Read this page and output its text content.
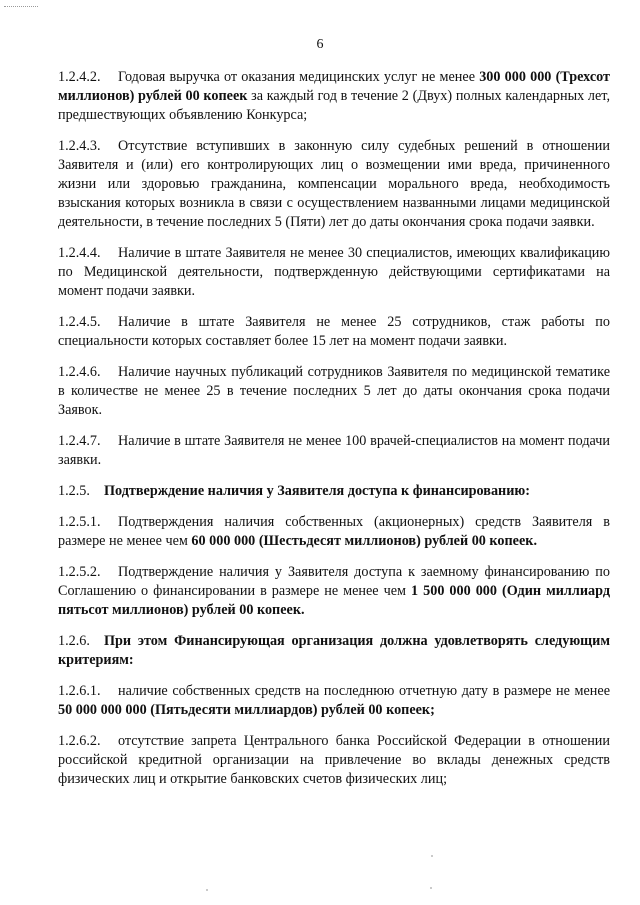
6

1.2.4.2. Годовая выручка от оказания медицинских услуг не менее 300 000 000 (Трехсот миллионов) рублей 00 копеек за каждый год в течение 2 (Двух) полных календарных лет, предшествующих объявлению Конкурса;

1.2.4.3. Отсутствие вступивших в законную силу судебных решений в отношении Заявителя и (или) его контролирующих лиц о возмещении ими вреда, причиненного жизни или здоровью гражданина, компенсации морального вреда, необходимость взыскания которых возникла в связи с осуществлением названными лицами медицинской деятельности, в течение последних 5 (Пяти) лет до даты окончания срока подачи заявки.

1.2.4.4. Наличие в штате Заявителя не менее 30 специалистов, имеющих квалификацию по Медицинской деятельности, подтвержденную действующими сертификатами на момент подачи заявки.

1.2.4.5. Наличие в штате Заявителя не менее 25 сотрудников, стаж работы по специальности которых составляет более 15 лет на момент подачи заявки.

1.2.4.6. Наличие научных публикаций сотрудников Заявителя по медицинской тематике в количестве не менее 25 в течение последних 5 лет до даты окончания срока подачи Заявок.

1.2.4.7. Наличие в штате Заявителя не менее 100 врачей-специалистов на момент подачи заявки.

1.2.5. Подтверждение наличия у Заявителя доступа к финансированию:

1.2.5.1. Подтверждения наличия собственных (акционерных) средств Заявителя в размере не менее чем 60 000 000 (Шестьдесят миллионов) рублей 00 копеек.

1.2.5.2. Подтверждение наличия у Заявителя доступа к заемному финансированию по Соглашению о финансировании в размере не менее чем 1 500 000 000 (Один миллиард пятьсот миллионов) рублей 00 копеек.

1.2.6. При этом Финансирующая организация должна удовлетворять следующим критериям:

1.2.6.1. наличие собственных средств на последнюю отчетную дату в размере не менее 50 000 000 000 (Пятьдесяти миллиардов) рублей 00 копеек;

1.2.6.2. отсутствие запрета Центрального банка Российской Федерации в отношении российской кредитной организации на привлечение во вклады денежных средств физических лиц и открытие банковских счетов физических лиц;
